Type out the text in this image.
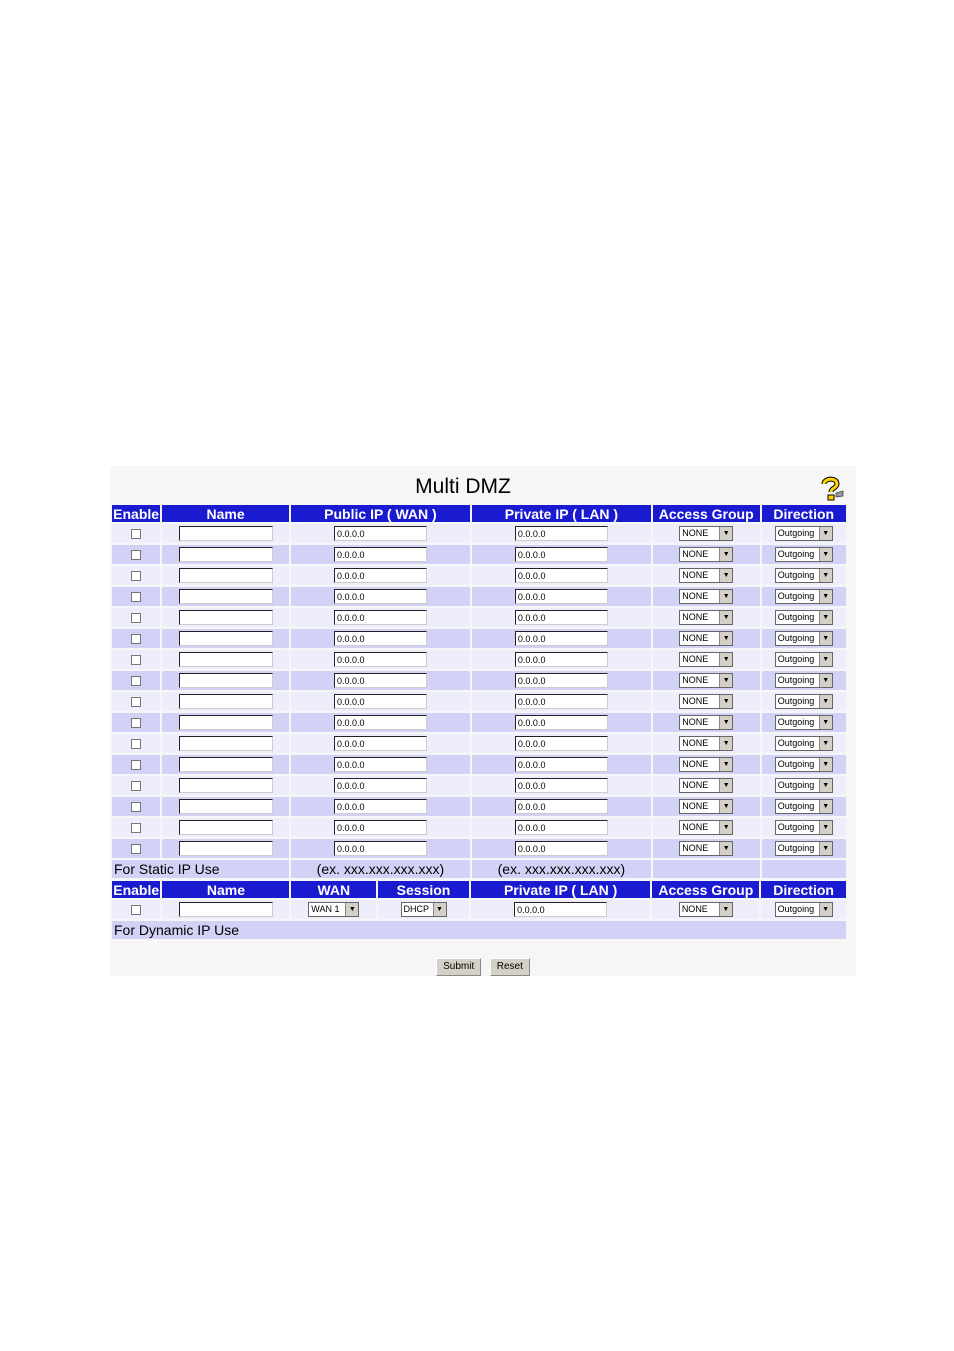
Multi DMZ
Enable	Name	Public IP ( WAN )	Private IP ( LAN )	Access Group	Direction
		0.0.0.0	0.0.0.0	NONE ▼	Outgoing ▼

		0.0.0.0	0.0.0.0	NONE ▼	Outgoing ▼

		0.0.0.0	0.0.0.0	NONE ▼	Outgoing ▼

		0.0.0.0	0.0.0.0	NONE ▼	Outgoing ▼

		0.0.0.0	0.0.0.0	NONE ▼	Outgoing ▼

		0.0.0.0	0.0.0.0	NONE ▼	Outgoing ▼

		0.0.0.0	0.0.0.0	NONE ▼	Outgoing ▼

		0.0.0.0	0.0.0.0	NONE ▼	Outgoing ▼

		0.0.0.0	0.0.0.0	NONE ▼	Outgoing ▼

		0.0.0.0	0.0.0.0	NONE ▼	Outgoing ▼

		0.0.0.0	0.0.0.0	NONE ▼	Outgoing ▼

		0.0.0.0	0.0.0.0	NONE ▼	Outgoing ▼

		0.0.0.0	0.0.0.0	NONE ▼	Outgoing ▼

		0.0.0.0	0.0.0.0	NONE ▼	Outgoing ▼

		0.0.0.0	0.0.0.0	NONE ▼	Outgoing ▼

		0.0.0.0	0.0.0.0	NONE ▼	Outgoing ▼

For Static IP Use		(ex. xxx.xxx.xxx.xxx)	(ex. xxx.xxx.xxx.xxx)		
Enable	Name	WAN	Session	Private IP ( LAN )	Access Group	Direction

		WAN 1 ▼	DHCP ▼	0.0.0.0	NONE ▼	Outgoing ▼

For Dynamic IP Use						
Submit Reset
